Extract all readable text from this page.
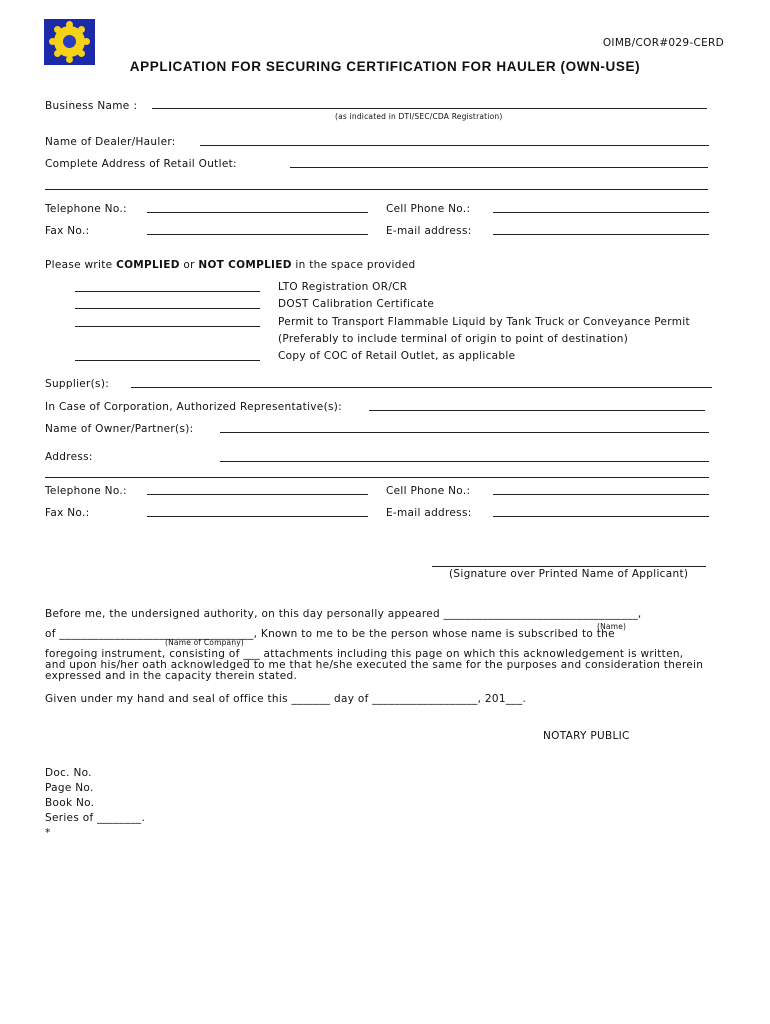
OIMB/COR#029-CERD
APPLICATION FOR SECURING CERTIFICATION FOR HAULER (OWN-USE)
Business Name :
(as indicated in DTI/SEC/CDA Registration)
Name of Dealer/Hauler:
Complete Address of Retail Outlet:
Telephone No.:	Cell Phone No.:
Fax No.:	E-mail address:
Please write COMPLIED or NOT COMPLIED in the space provided
LTO Registration OR/CR
DOST Calibration Certificate
Permit to Transport Flammable Liquid by Tank Truck or Conveyance Permit
(Preferably to include terminal of origin to point of destination)
Copy of COC of Retail Outlet, as applicable
Supplier(s):
In Case of Corporation, Authorized Representative(s):
Name of Owner/Partner(s):
Address:
Telephone No.:	Cell Phone No.:
Fax No.:	E-mail address:
(Signature over Printed Name of Applicant)
Before me, the undersigned authority, on this day personally appeared ___________________________________,
(Name)
of ___________________________________, Known to me to be the person whose name is subscribed to the
(Name of Company)
foregoing instrument, consisting of ___ attachments including this page on which this acknowledgement is written,
and upon his/her oath acknowledged to me that he/she executed the same for the purposes and consideration therein
expressed and in the capacity therein stated.
Given under my hand and seal of office this _______ day of ___________________, 201___.
NOTARY PUBLIC
Doc. No.
Page No.
Book No.
Series of ________.
*
